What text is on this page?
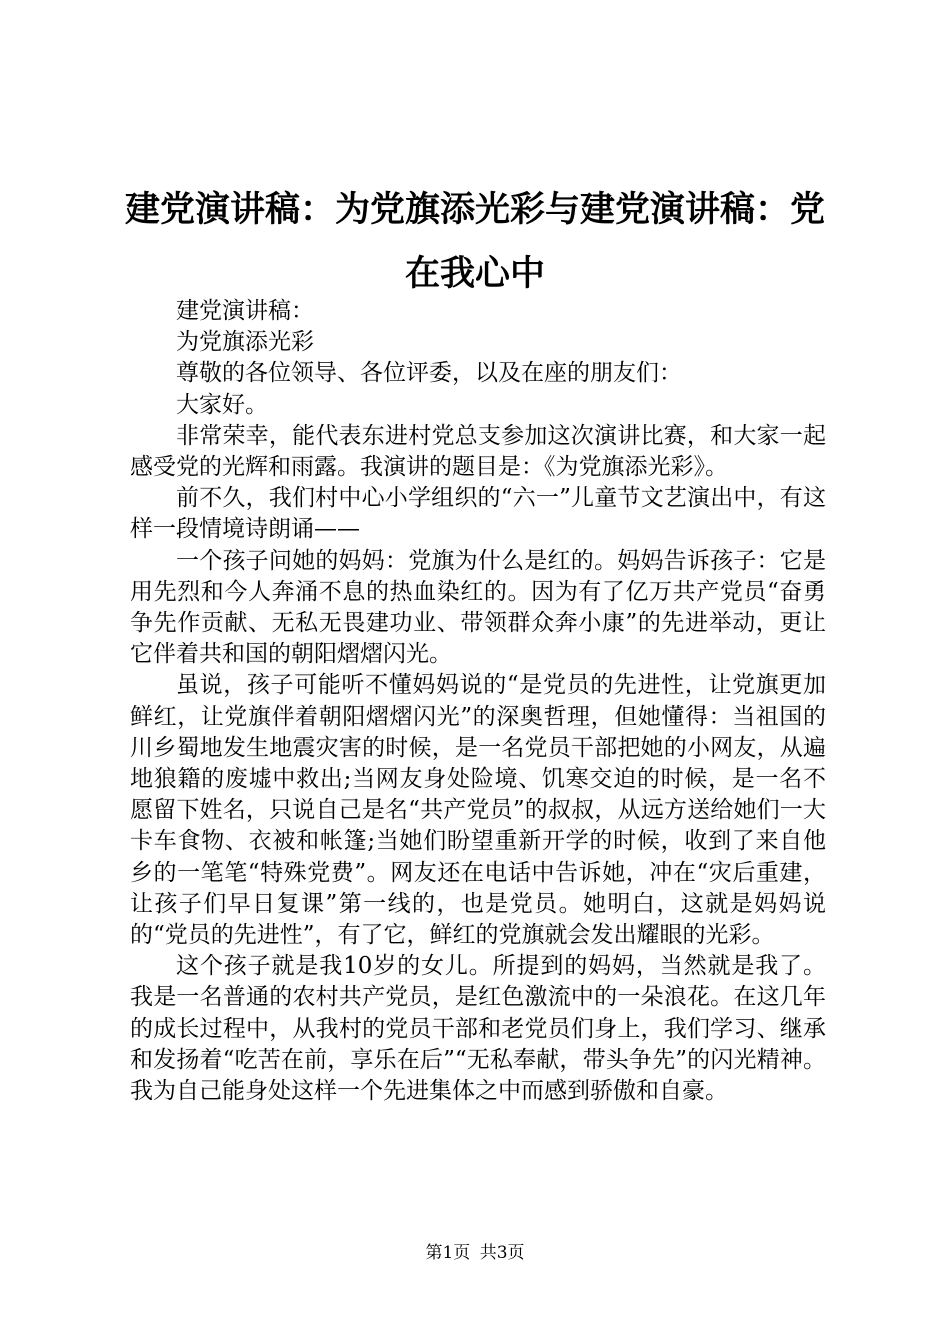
建党演讲稿：为党旗添光彩与建党演讲稿：党在我心中

建党演讲稿：

为党旗添光彩

尊敬的各位领导、各位评委，以及在座的朋友们：

大家好。

非常荣幸，能代表东进村党总支参加这次演讲比赛，和大家一起感受党的光辉和雨露。我演讲的题目是：《为党旗添光彩》。

前不久，我们村中心小学组织的“六一”儿童节文艺演出中，有这样一段情境诗朗诵——

一个孩子问她的妈妈：党旗为什么是红的。妈妈告诉孩子：它是用先烈和今人奔涌不息的热血染红的。因为有了亿万共产党员“奋勇争先作贡献、无私无畏建功业、带领群众奔小康”的先进举动，更让它伴着共和国的朝阳熠熠闪光。

虽说，孩子可能听不懂妈妈说的“是党员的先进性，让党旗更加鲜红，让党旗伴着朝阳熠熠闪光”的深奥哲理，但她懂得：当祖国的川乡蜀地发生地震灾害的时候，是一名党员干部把她的小网友，从遍地狼籍的废墟中救出;当网友身处险境、饥寒交迫的时候，是一名不愿留下姓名，只说自己是名“共产党员”的叔叔，从远方送给她们一大卡车食物、衣被和帐篷;当她们盼望重新开学的时候，收到了来自他乡的一笔笔“特殊党费”。网友还在电话中告诉她，冲在“灾后重建，让孩子们早日复课”第一线的，也是党员。她明白，这就是妈妈说的“党员的先进性”，有了它，鲜红的党旗就会发出耀眼的光彩。

这个孩子就是我10岁的女儿。所提到的妈妈，当然就是我了。我是一名普通的农村共产党员，是红色激流中的一朵浪花。在这几年的成长过程中，从我村的党员干部和老党员们身上，我们学习、继承和发扬着“吃苦在前，享乐在后”“无私奉献，带头争先”的闪光精神。我为自己能身处这样一个先进集体之中而感到骄傲和自豪。

第1页 共3页
